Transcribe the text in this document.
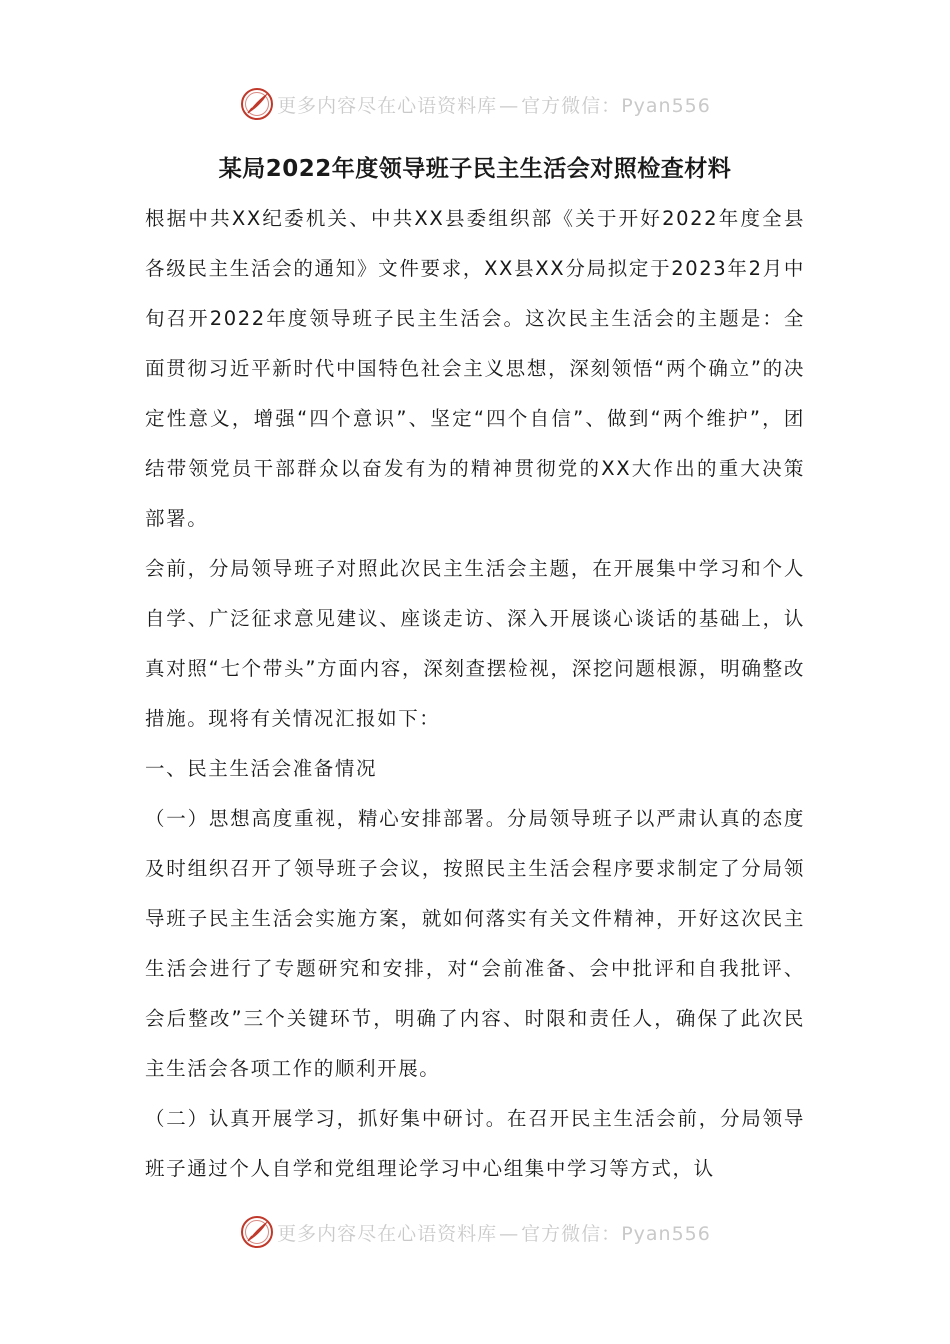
更多内容尽在心语资料库 — 官方微信：Pyan556
某局2022年度领导班子民主生活会对照检查材料

根据中共XX纪委机关、中共XX县委组织部《关于开好2022年度全县各级民主生活会的通知》文件要求，XX县XX分局拟定于2023年2月中旬召开2022年度领导班子民主生活会。这次民主生活会的主题是：全面贯彻习近平新时代中国特色社会主义思想，深刻领悟“两个确立”的决定性意义，增强“四个意识”、坚定“四个自信”、做到“两个维护”，团结带领党员干部群众以奋发有为的精神贯彻党的XX大作出的重大决策部署。

会前，分局领导班子对照此次民主生活会主题，在开展集中学习和个人自学、广泛征求意见建议、座谈走访、深入开展谈心谈话的基础上，认真对照“七个带头”方面内容，深刻查摆检视，深挖问题根源，明确整改措施。现将有关情况汇报如下：

一、民主生活会准备情况

（一）思想高度重视，精心安排部署。分局领导班子以严肃认真的态度及时组织召开了领导班子会议，按照民主生活会程序要求制定了分局领导班子民主生活会实施方案，就如何落实有关文件精神，开好这次民主生活会进行了专题研究和安排，对“会前准备、会中批评和自我批评、会后整改”三个关键环节，明确了内容、时限和责任人，确保了此次民主生活会各项工作的顺利开展。

（二）认真开展学习，抓好集中研讨。在召开民主生活会前，分局领导班子通过个人自学和党组理论学习中心组集中学习等方式，认

更多内容尽在心语资料库 — 官方微信：Pyan556
